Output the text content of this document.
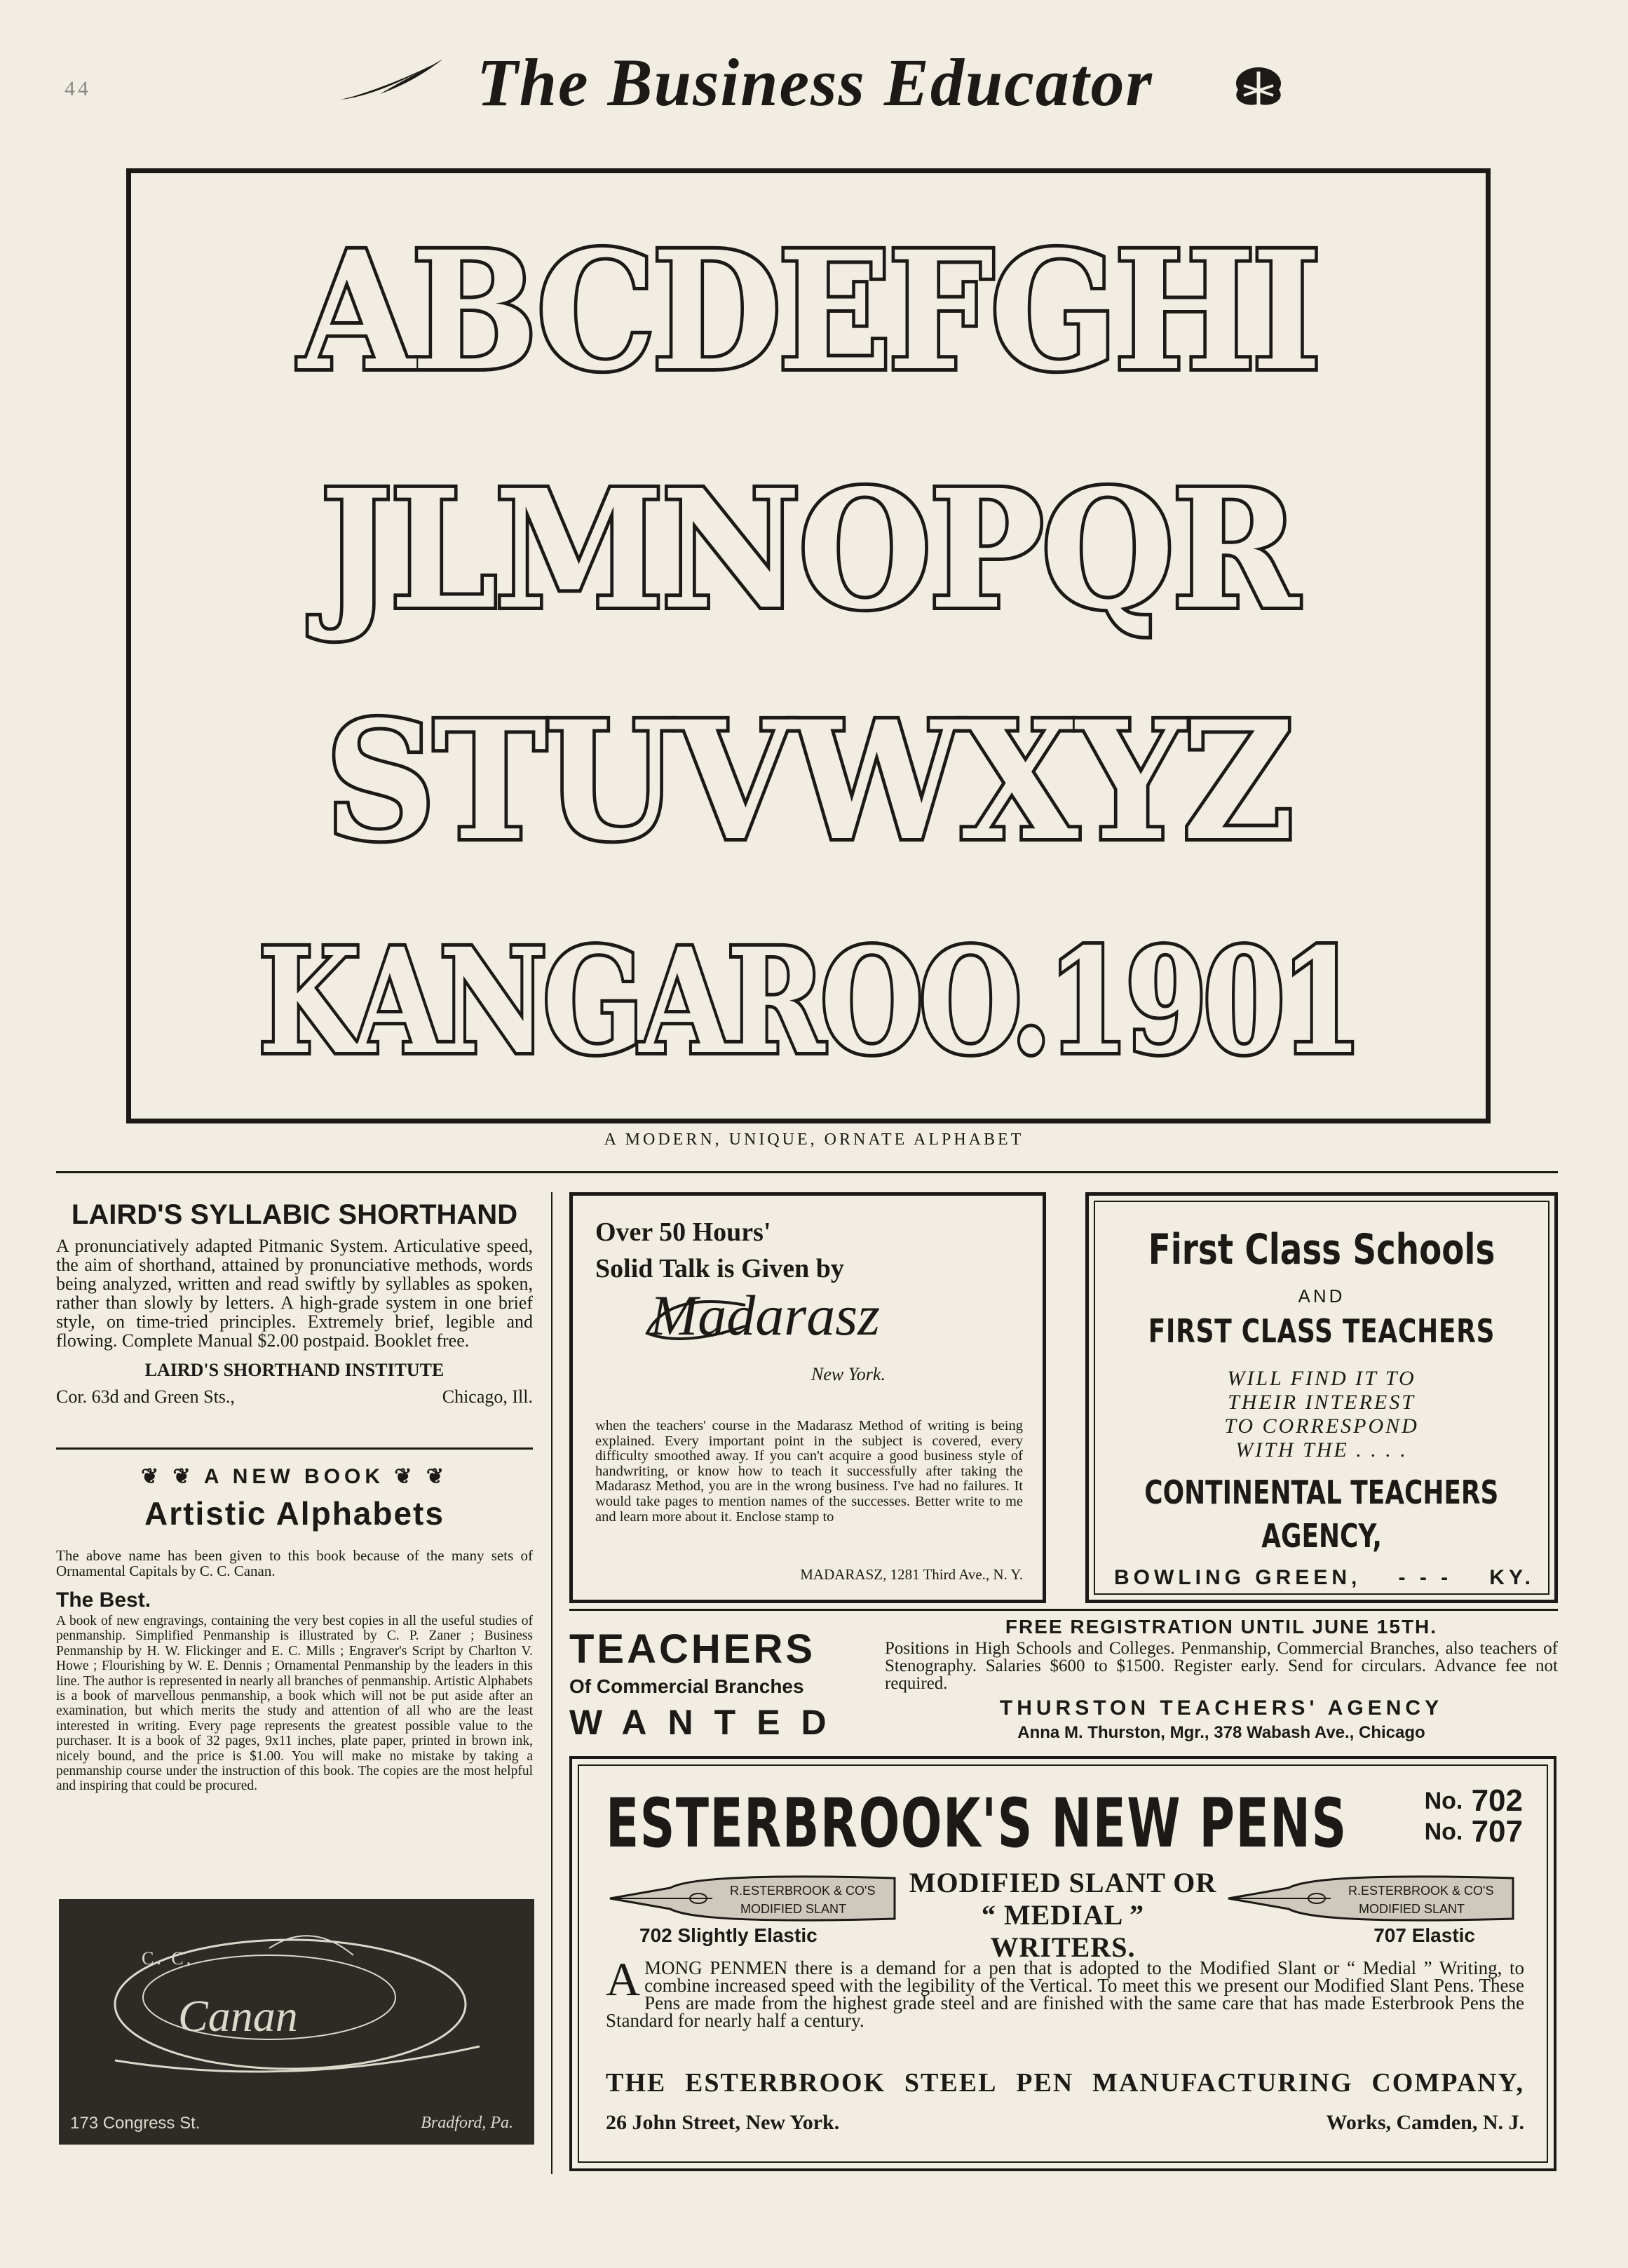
44	The Business Educator
ABCDEFGHI
JLMNOPQR
STUVWXYZ
KANGAROO.1901
A MODERN, UNIQUE, ORNATE ALPHABET
LAIRD'S SYLLABIC SHORTHAND

A pronunciatively adapted Pitmanic System. Articulative speed, the aim of shorthand, attained by pronunciative methods, words being analyzed, written and read swiftly by syllables as spoken, rather than slowly by letters. A high-grade system in one brief style, on time-tried principles. Extremely brief, legible and flowing. Complete Manual $2.00 postpaid. Booklet free.

LAIRD'S SHORTHAND INSTITUTE
Cor. 63d and Green Sts.,	Chicago, Ill.
❦ ❦ A NEW BOOK ❦ ❦
Artistic Alphabets

The above name has been given to this book because of the many sets of Ornamental Capitals by C. C. Canan.

The Best.

A book of new engravings, containing the very best copies in all the useful studies of penmanship. Simplified Penmanship is illustrated by C. P. Zaner ; Business Penmanship by H. W. Flickinger and E. C. Mills ; Engraver's Script by Charlton V. Howe ; Flourishing by W. E. Dennis ; Ornamental Penmanship by the leaders in this line. The author is represented in nearly all branches of penmanship. Artistic Alphabets is a book of marvellous penmanship, a book which will not be put aside after an examination, but which merits the study and attention of all who are the least interested in writing. Every page represents the greatest possible value to the purchaser. It is a book of 32 pages, 9x11 inches, plate paper, printed in brown ink, nicely bound, and the price is $1.00. You will make no mistake by taking a penmanship course under the instruction of this book. The copies are the most helpful and inspiring that could be procured.

C. C.
Canan
173 Congress St.	Bradford, Pa.
Over 50 Hours'
Solid Talk is Given by
Madarasz
New York.

when the teachers' course in the Madarasz Method of writing is being explained. Every important point in the subject is covered, every difficulty smoothed away. If you can't acquire a good business style of handwriting, or know how to teach it successfully after taking the Madarasz Method, you are in the wrong business. I've had no failures. It would take pages to mention names of the successes. Better write to me and learn more about it. Enclose stamp to

MADARASZ, 1281 Third Ave., N. Y.
First Class Schools
AND
FIRST CLASS TEACHERS
WILL FIND IT TO
THEIR INTEREST
TO CORRESPOND
WITH THE . . . .
CONTINENTAL TEACHERS
AGENCY,
BOWLING GREEN, - - - KY.
TEACHERS
Of Commercial Branches
WANTED
FREE REGISTRATION UNTIL JUNE 15TH.

Positions in High Schools and Colleges. Penmanship, Commercial Branches, also teachers of Stenography. Salaries $600 to $1500. Register early. Send for circulars. Advance fee not required.

THURSTON TEACHERS' AGENCY
Anna M. Thurston, Mgr., 378 Wabash Ave., Chicago
ESTERBROOK'S NEW PENS	$^{No.}$ 702
$^{No.}$ 707
R.ESTERBROOK & CO'S
MODIFIED SLANT
R.ESTERBROOK & CO'S
MODIFIED SLANT
702 Slightly Elastic	707 Elastic
MODIFIED SLANT OR
“ MEDIAL ” WRITERS.

AMONG PENMEN there is a demand for a pen that is adopted to the Modified Slant or “ Medial ” Writing, to combine increased speed with the legibility of the Vertical. To meet this we present our Modified Slant Pens. These Pens are made from the highest grade steel and are finished with the same care that has made Esterbrook Pens the Standard for nearly half a century.

THE ESTERBROOK STEEL PEN MANUFACTURING COMPANY,
26 John Street, New York.	Works, Camden, N. J.
